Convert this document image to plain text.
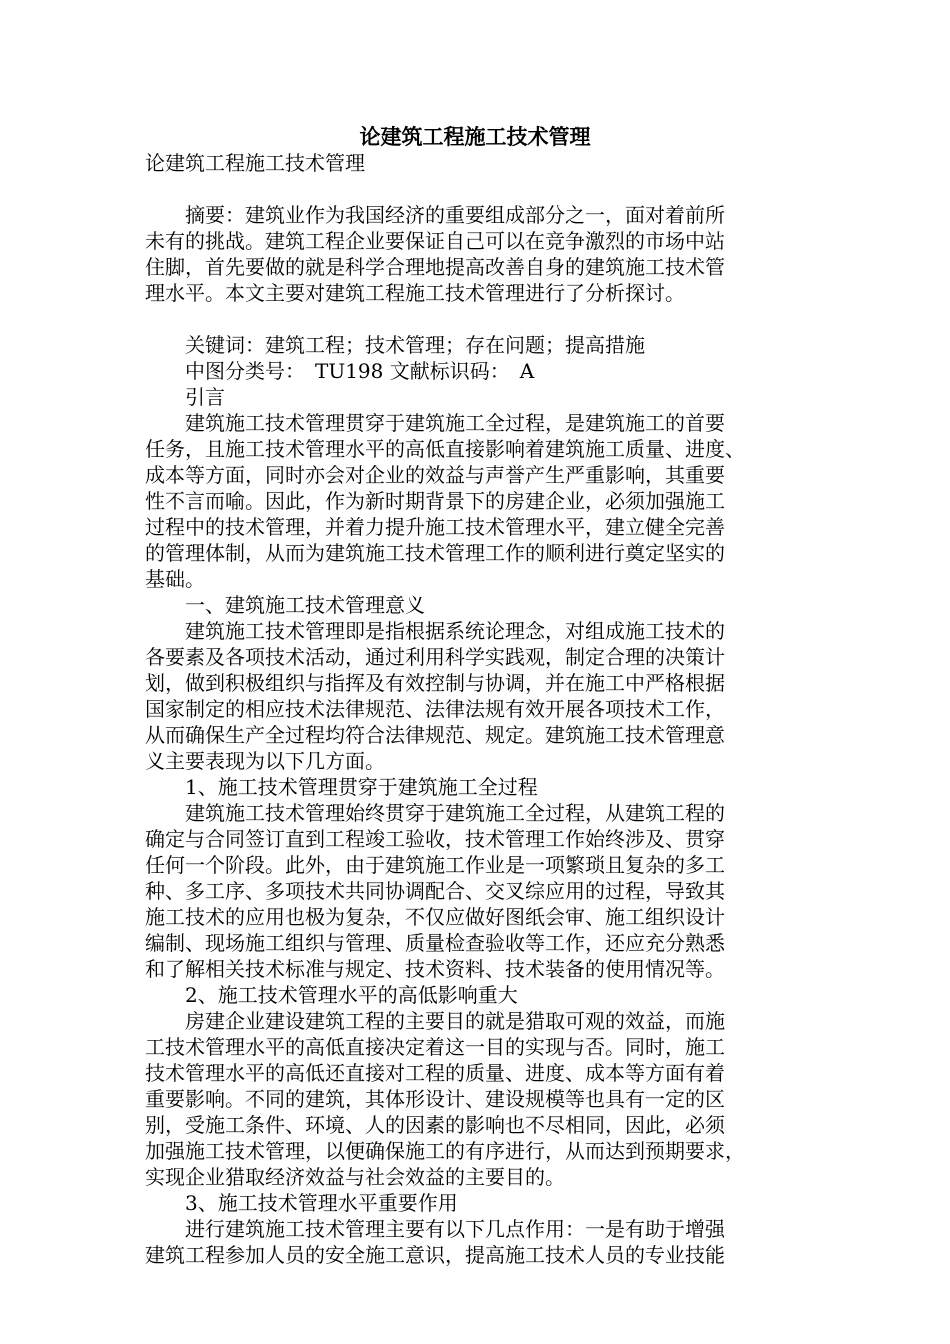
论建筑工程施工技术管理

论建筑工程施工技术管理

　　摘要：建筑业作为我国经济的重要组成部分之一，面对着前所

未有的挑战。建筑工程企业要保证自己可以在竞争激烈的市场中站

住脚，首先要做的就是科学合理地提高改善自身的建筑施工技术管

理水平。本文主要对建筑工程施工技术管理进行了分析探讨。

　　关键词：建筑工程；技术管理；存在问题；提高措施

　　中图分类号：　TU198 文献标识码：　A

　　引言

　　建筑施工技术管理贯穿于建筑施工全过程，是建筑施工的首要

任务，且施工技术管理水平的高低直接影响着建筑施工质量、进度、

成本等方面，同时亦会对企业的效益与声誉产生严重影响，其重要

性不言而喻。因此，作为新时期背景下的房建企业，必须加强施工

过程中的技术管理，并着力提升施工技术管理水平，建立健全完善

的管理体制，从而为建筑施工技术管理工作的顺利进行奠定坚实的

基础。

　　一、建筑施工技术管理意义

　　建筑施工技术管理即是指根据系统论理念，对组成施工技术的

各要素及各项技术活动，通过利用科学实践观，制定合理的决策计

划，做到积极组织与指挥及有效控制与协调，并在施工中严格根据

国家制定的相应技术法律规范、法律法规有效开展各项技术工作，

从而确保生产全过程均符合法律规范、规定。建筑施工技术管理意

义主要表现为以下几方面。

　　1、施工技术管理贯穿于建筑施工全过程

　　建筑施工技术管理始终贯穿于建筑施工全过程，从建筑工程的

确定与合同签订直到工程竣工验收，技术管理工作始终涉及、贯穿

任何一个阶段。此外，由于建筑施工作业是一项繁琐且复杂的多工

种、多工序、多项技术共同协调配合、交叉综应用的过程，导致其

施工技术的应用也极为复杂，不仅应做好图纸会审、施工组织设计

编制、现场施工组织与管理、质量检查验收等工作，还应充分熟悉

和了解相关技术标准与规定、技术资料、技术装备的使用情况等。

　　2、施工技术管理水平的高低影响重大

　　房建企业建设建筑工程的主要目的就是猎取可观的效益，而施

工技术管理水平的高低直接决定着这一目的实现与否。同时，施工

技术管理水平的高低还直接对工程的质量、进度、成本等方面有着

重要影响。不同的建筑，其体形设计、建设规模等也具有一定的区

别，受施工条件、环境、人的因素的影响也不尽相同，因此，必须

加强施工技术管理，以便确保施工的有序进行，从而达到预期要求，

实现企业猎取经济效益与社会效益的主要目的。

　　3、施工技术管理水平重要作用

　　进行建筑施工技术管理主要有以下几点作用：一是有助于增强

建筑工程参加人员的安全施工意识，提高施工技术人员的专业技能
